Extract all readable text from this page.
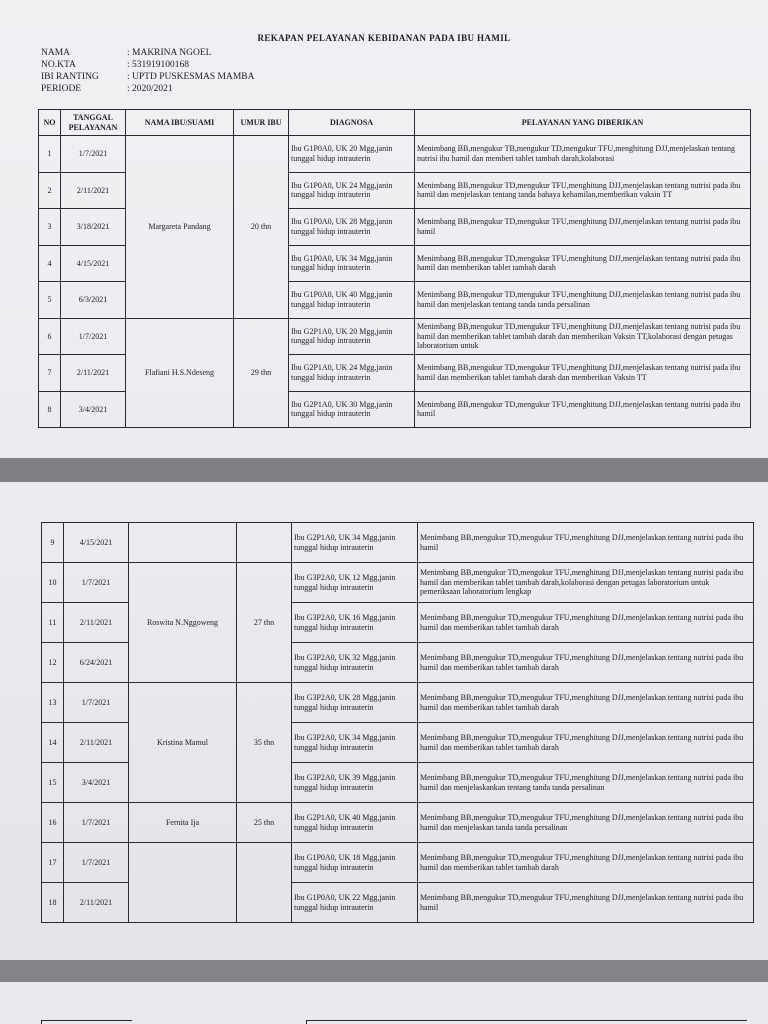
REKAPAN PELAYANAN KEBIDANAN PADA IBU HAMIL
NAMA	: MAKRINA NGOEL
NO.KTA	: 531919100168
IBI RANTING	: UPTD PUSKESMAS MAMBA
PERIODE	: 2020/2021
NO	TANGGAL PELAYANAN	NAMA IBU/SUAMI	UMUR IBU	DIAGNOSA	PELAYANAN YANG DIBERIKAN

1	1/7/2021	Margareta Pandang	20 thn	Ibu G1P0A0, UK 20 Mgg,janin tunggal hidup intrauterin	Menimbang BB,mengukur TB,mengukur TD,mengukur TFU,menghitung DJJ,menjelaskan tentang nutrisi ibu hamil dan memberi tablet tambah darah,kolaborasi

2	2/11/2021			Ibu G1P0A0, UK 24 Mgg,janin tunggal hidup intrauterin	Menimbang BB,mengukur TD,mengukur TFU,menghitung DJJ,menjelaskan tentang nutrisi pada ibu hamil dan menjelaskan tentang tanda bahaya kehamilan,memberikan vaksin TT

3	3/18/2021			Ibu G1P0A0, UK 28 Mgg,janin tunggal hidup intrauterin	Menimbang BB,mengukur TD,mengukur TFU,menghitung DJJ,menjelaskan tentang nutrisi pada ibu hamil

4	4/15/2021			Ibu G1P0A0, UK 34 Mgg,janin tunggal hidup intrauterin	Menimbang BB,mengukur TD,mengukur TFU,menghitung DJJ,menjelaskan tentang nutrisi pada ibu hamil dan memberikan tablet tambah darah

5	6/3/2021			Ibu G1P0A0, UK 40 Mgg,janin tunggal hidup intrauterin	Menimbang BB,mengukur TD,mengukur TFU,menghitung DJJ,menjelaskan tentang nutrisi pada ibu hamil dan menjelaskan tentang tanda tanda persalinan

6	1/7/2021	Flafiani H.S.Ndeseng	29 thn	Ibu G2P1A0, UK 20 Mgg,janin tunggal hidup intrauterin	Menimbang BB,mengukur TD,mengukur TFU,menghitung DJJ,menjelaskan tentang nutrisi pada ibu hamil dan memberikan tablet tambah darah dan memberikan Vaksin TT,kolaborasi dengan petugas laboratorium untuk

7	2/11/2021			Ibu G2P1A0, UK 24 Mgg,janin tunggal hidup intrauterin	Menimbang BB,mengukur TD,mengukur TFU,menghitung DJJ,menjelaskan tentang nutrisi pada ibu hamil dan memberikan tablet tambah darah dan memberikan Vaksin TT

8	3/4/2021			Ibu G2P1A0, UK 30 Mgg,janin tunggal hidup intrauterin	Menimbang BB,mengukur TD,mengukur TFU,menghitung DJJ,menjelaskan tentang nutrisi pada ibu hamil
9	4/15/2021			Ibu G2P1A0, UK 34 Mgg,janin tunggal hidup intrauterin	Menimbang BB,mengukur TD,mengukur TFU,menghitung DJJ,menjelaskan tentang nutrisi pada ibu hamil

10	1/7/2021	Roswita N.Nggoweng	27 thn	Ibu G3P2A0, UK 12 Mgg,janin tunggal hidup intrauterin	Menimbang BB,mengukur TD,mengukur TFU,menghitung DJJ,menjelaskan tentang nutrisi pada ibu hamil dan memberikan tablet tambah darah,kolaborasi dengan petugas laboratorium untuk pemeriksaan laboratorium lengkap

11	2/11/2021			Ibu G3P2A0, UK 16 Mgg,janin tunggal hidup intrauterin	Menimbang BB,mengukur TD,mengukur TFU,menghitung DJJ,menjelaskan tentang nutrisi pada ibu hamil dan memberikan tablet tambah darah

12	6/24/2021			Ibu G3P2A0, UK 32 Mgg,janin tunggal hidup intrauterin	Menimbang BB,mengukur TD,mengukur TFU,menghitung DJJ,menjelaskan tentang nutrisi pada ibu hamil dan memberikan tablet tambah darah

13	1/7/2021	Kristina Mamul	35 thn	Ibu G3P2A0, UK 28 Mgg,janin tunggal hidup intrauterin	Menimbang BB,mengukur TD,mengukur TFU,menghitung DJJ,menjelaskan tentang nutrisi pada ibu hamil dan memberikan tablet tambah darah

14	2/11/2021			Ibu G3P2A0, UK 34 Mgg,janin tunggal hidup intrauterin	Menimbang BB,mengukur TD,mengukur TFU,menghitung DJJ,menjelaskan tentang nutrisi pada ibu hamil dan memberikan tablet tambah darah

15	3/4/2021			Ibu G3P2A0, UK 39 Mgg,janin tunggal hidup intrauterin	Menimbang BB,mengukur TD,mengukur TFU,menghitung DJJ,menjelaskan tentang nutrisi pada ibu hamil dan menjelaskankan tentang tanda tanda persalinan

16	1/7/2021	Fernita Ija	25 thn	Ibu G2P1A0, UK 40 Mgg,janin tunggal hidup intrauterin	Menimbang BB,mengukur TD,mengukur TFU,menghitung DJJ,menjelaskan tentang nutrisi pada ibu hamil dan menjelaskan tanda tanda persalinan

17	1/7/2021			Ibu G1P0A0, UK 18 Mgg,janin tunggal hidup intrauterin	Menimbang BB,mengukur TD,mengukur TFU,menghitung DJJ,menjelaskan tentang nutrisi pada ibu hamil dan memberikan tablet tambah darah

18	2/11/2021			Ibu G1P0A0, UK 22 Mgg,janin tunggal hidup intrauterin	Menimbang BB,mengukur TD,mengukur TFU,menghitung DJJ,menjelaskan tentang nutrisi pada ibu hamil
